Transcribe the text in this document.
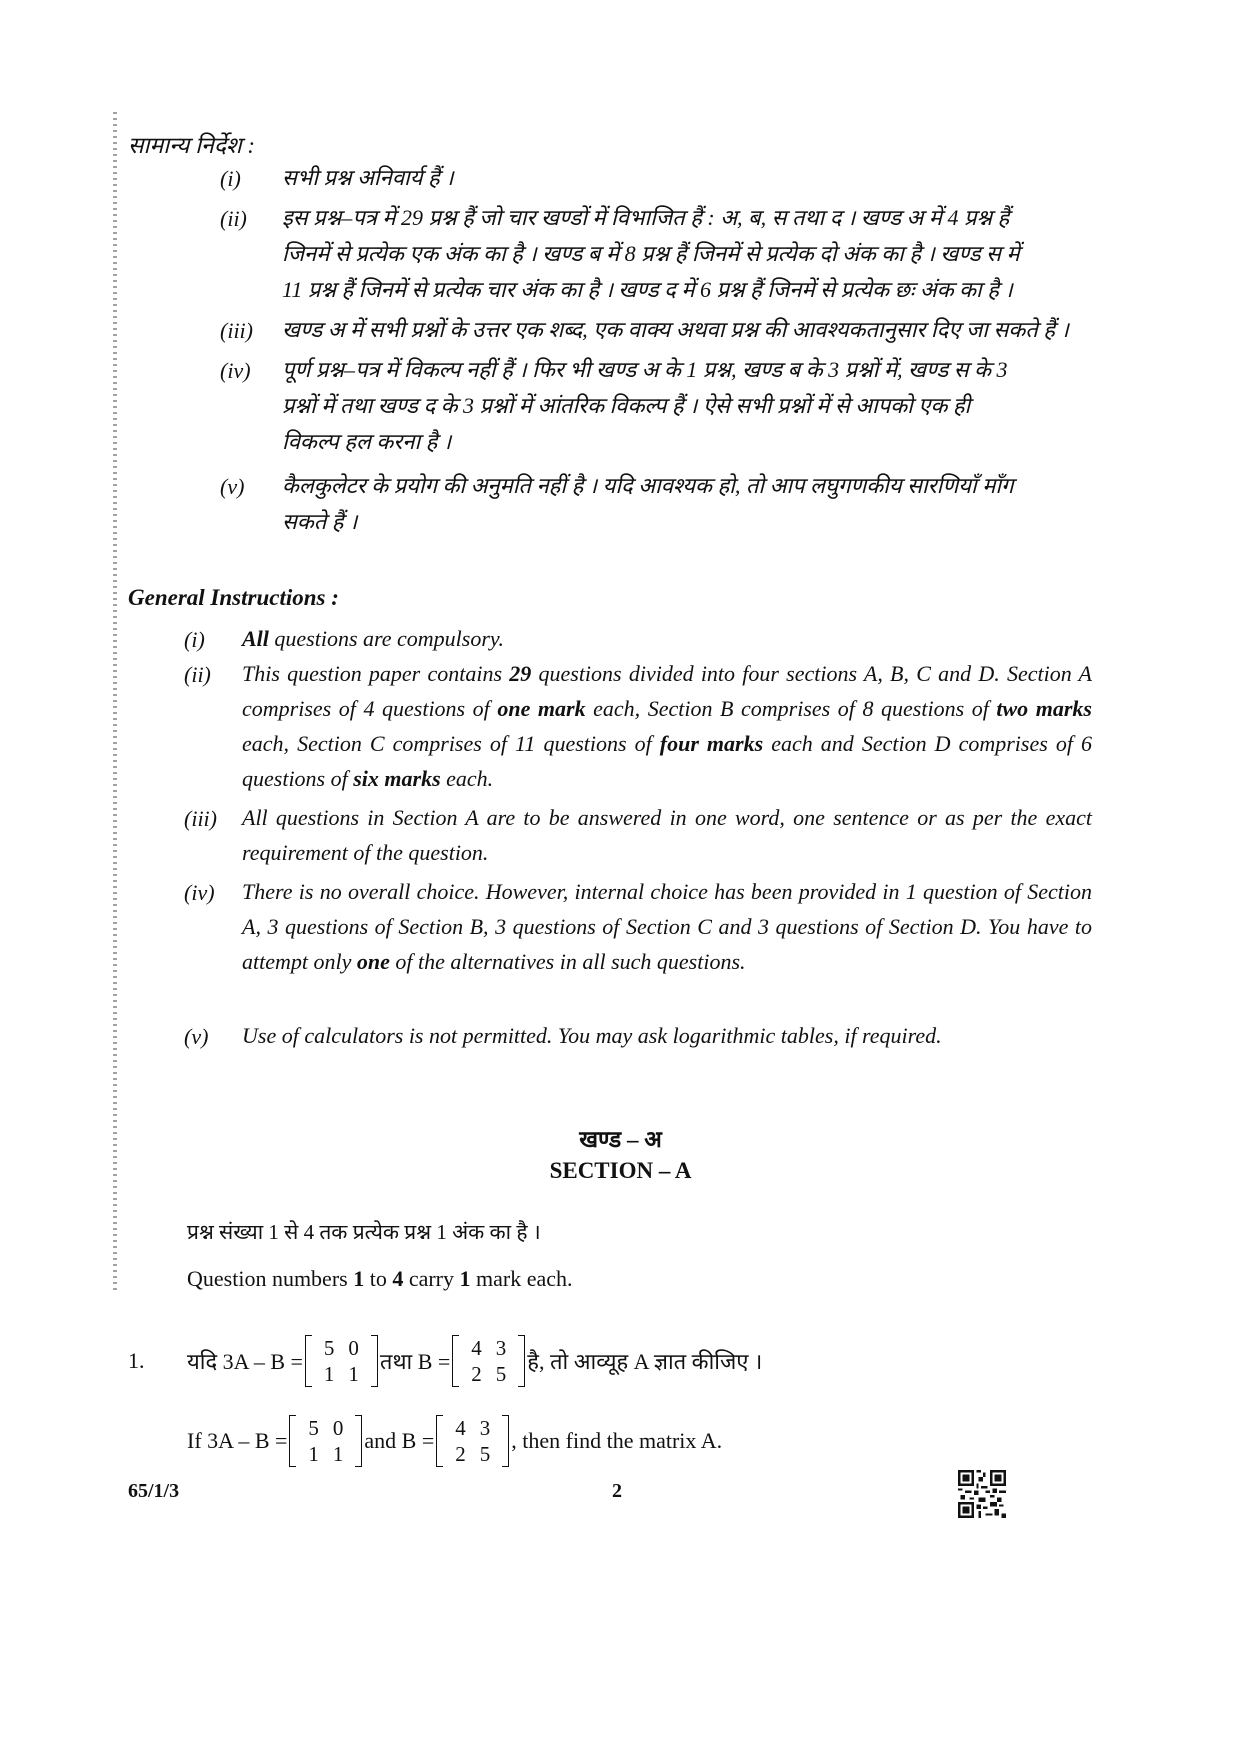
सामान्य निर्देश :
(i) सभी प्रश्न अनिवार्य हैं ।
(ii) इस प्रश्न–पत्र में 29 प्रश्न हैं जो चार खण्डों में विभाजित हैं : अ, ब, स तथा द । खण्ड अ में 4 प्रश्न हैं
जिनमें से प्रत्येक एक अंक का है । खण्ड ब में 8 प्रश्न हैं जिनमें से प्रत्येक दो अंक का है । खण्ड स में
11 प्रश्न हैं जिनमें से प्रत्येक चार अंक का है । खण्ड द में 6 प्रश्न हैं जिनमें से प्रत्येक छः अंक का है ।
(iii) खण्ड अ में सभी प्रश्नों के उत्तर एक शब्द, एक वाक्य अथवा प्रश्न की आवश्यकतानुसार दिए जा सकते हैं ।
(iv) पूर्ण प्रश्न–पत्र में विकल्प नहीं हैं । फिर भी खण्ड अ के 1 प्रश्न, खण्ड ब के 3 प्रश्नों में, खण्ड स के 3
प्रश्नों में तथा खण्ड द के 3 प्रश्नों में आंतरिक विकल्प हैं । ऐसे सभी प्रश्नों में से आपको एक ही
विकल्प हल करना है ।
(v) कैलकुलेटर के प्रयोग की अनुमति नहीं है । यदि आवश्यक हो, तो आप लघुगणकीय सारणियाँ माँग
सकते हैं ।
General Instructions :
(i) All questions are compulsory.
(ii) This question paper contains 29 questions divided into four sections A, B, C and D. Section A comprises of 4 questions of one mark each, Section B comprises of 8 questions of two marks each, Section C comprises of 11 questions of four marks each and Section D comprises of 6 questions of six marks each.
(iii) All questions in Section A are to be answered in one word, one sentence or as per the exact requirement of the question.
(iv) There is no overall choice. However, internal choice has been provided in 1 question of Section A, 3 questions of Section B, 3 questions of Section C and 3 questions of Section D. You have to attempt only one of the alternatives in all such questions.
(v) Use of calculators is not permitted. You may ask logarithmic tables, if required.
खण्ड – अ
SECTION – A
प्रश्न संख्या 1 से 4 तक प्रत्येक प्रश्न 1 अंक का है ।
Question numbers 1 to 4 carry 1 mark each.
1. यदि 3A – B =
5	0
1	1 तथा B =
4	3
2	5 है, तो आव्यूह A ज्ञात कीजिए ।
If 3A – B = 5	0
1	1
and B = 4	3
2	5
, then find the matrix A.
65/1/3	2
